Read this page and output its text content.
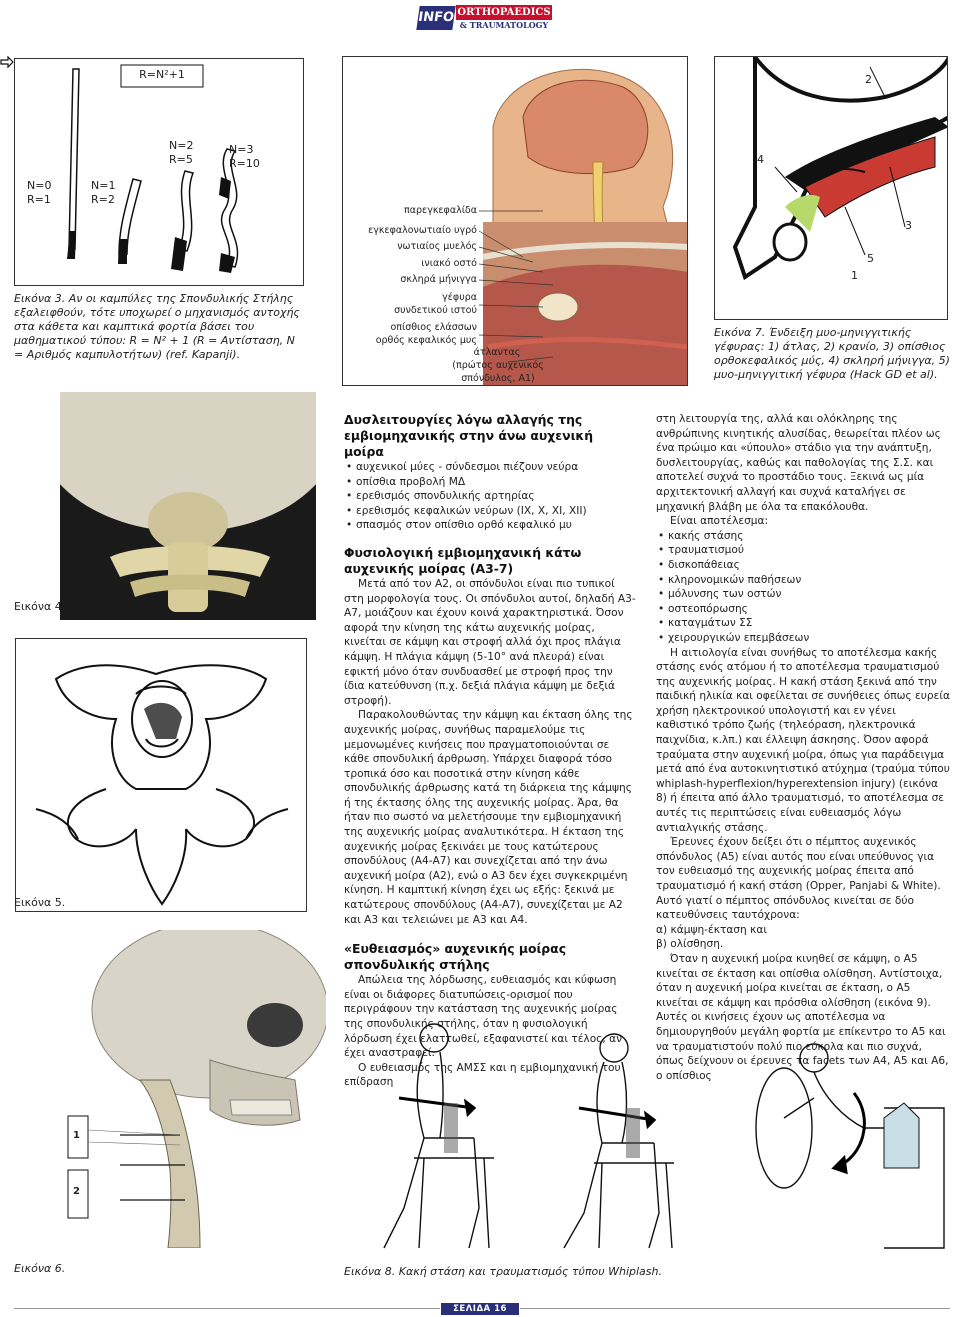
INFO ORTHOPAEDICS
& TRAUMATOLOGY
R=N²+1
N=0
R=1
N=1
R=2
N=2
R=5
N=3
R=10
Εικόνα 3. Αν οι καμπύλες της Σπονδυλικής Στήλης εξαλειφθούν, τότε υποχωρεί ο μηχανισμός αντοχής στα κάθετα και καμπτικά φορτία βάσει του μαθηματικού τύπου: R = N² + 1 (R = Αντίσταση, N = Αριθμός καμπυλοτήτων) (ref. Kapanji).
παρεγκεφαλίδα
εγκεφαλονωτιαίο υγρό
νωτιαίος μυελός
ινιακό οστό
σκληρά μήνιγγα
γέφυρα
συνδετικού ιστού
οπίσθιος ελάσσων
ορθός κεφαλικός μυς
άτλαντας
(πρώτος αυχενικός
σπόνδυλος, Α1)
2
4
3
5
1
Εικόνα 7. Ένδειξη μυο-μηνιγγιτικής γέφυρας: 1) άτλας, 2) κρανίο, 3) οπίσθιος ορθοκεφαλικός μύς, 4) σκληρή μήνιγγα, 5) μυο-μηνιγγιτική γέφυρα (Hack GD et al).
Εικόνα 4.
Εικόνα 5.
1
2
Εικόνα 6.
Δυσλειτουργίες λόγω αλλαγής της εμβιομηχανικής στην άνω αυχενική μοίρα
• αυχενικοί μύες - σύνδεσμοι πιέζουν νεύρα
• οπίσθια προβολή ΜΔ
• ερεθισμός σπονδυλικής αρτηρίας
• ερεθισμός κεφαλικών νεύρων (IX, X, XI, XII)
• σπασμός στον οπίσθιο ορθό κεφαλικό μυ
Φυσιολογική εμβιομηχανική κάτω αυχενικής μοίρας (Α3-7)

Μετά από τον Α2, οι σπόνδυλοι είναι πιο τυπικοί στη μορφολογία τους. Οι σπόνδυλοι αυτοί, δηλαδή Α3-Α7, μοιάζουν και έχουν κοινά χαρακτηριστικά. Όσον αφορά την κίνηση της κάτω αυχενικής μοίρας, κινείται σε κάμψη και στροφή αλλά όχι προς πλάγια κάμψη. Η πλάγια κάμψη (5-10° ανά πλευρά) είναι εφικτή μόνο όταν συνδυασθεί με στροφή προς την ίδια κατεύθυνση (π.χ. δεξιά πλάγια κάμψη με δεξιά στροφή).

Παρακολουθώντας την κάμψη και έκταση όλης της αυχενικής μοίρας, συνήθως παραμελούμε τις μεμονωμένες κινήσεις που πραγματοποιούνται σε κάθε σπονδυλική άρθρωση. Υπάρχει διαφορά τόσο τροπικά όσο και ποσοτικά στην κίνηση κάθε σπονδυλικής άρθρωσης κατά τη διάρκεια της κάμψης ή της έκτασης όλης της αυχενικής μοίρας. Άρα, θα ήταν πιο σωστό να μελετήσουμε την εμβιομηχανική της αυχενικής μοίρας αναλυτικότερα. Η έκταση της αυχενικής μοίρας ξεκινάει με τους κατώτερους σπονδύλους (Α4-Α7) και συνεχίζεται από την άνω αυχενική μοίρα (Α2), ενώ ο Α3 δεν έχει συγκεκριμένη κίνηση. Η καμπτική κίνηση έχει ως εξής: ξεκινά με κατώτερους σπονδύλους (Α4-Α7), συνεχίζεται με Α2 και Α3 και τελειώνει με Α3 και Α4.

«Ευθειασμός» αυχενικής μοίρας σπονδυλικής στήλης

Απώλεια της λόρδωσης, ευθειασμός και κύφωση είναι οι διάφορες διατυπώσεις-ορισμοί που περιγράφουν την κατάσταση της αυχενικής μοίρας της σπονδυλικής στήλης, όταν η φυσιολογική λόρδωση έχει ελαττωθεί, εξαφανιστεί και τέλος, αν έχει αναστραφεί.

Ο ευθειασμός της ΑΜΣΣ και η εμβιομηχανική του επίδραση

στη λειτουργία της, αλλά και ολόκληρης της ανθρώπινης κινητικής αλυσίδας, θεωρείται πλέον ως ένα πρώιμο και «ύπουλο» στάδιο για την ανάπτυξη, δυσλειτουργίας, καθώς και παθολογίας της Σ.Σ. και αποτελεί συχνά το προστάδιο τους. Ξεκινά ως μία αρχιτεκτονική αλλαγή και συχνά καταλήγει σε μηχανική βλάβη με όλα τα επακόλουθα.

Είναι αποτέλεσμα:

• κακής στάσης
• τραυματισμού
• δισκοπάθειας
• κληρονομικών παθήσεων
• μόλυνσης των οστών
• οστεοπόρωσης
• καταγμάτων ΣΣ
• χειρουργικών επεμβάσεων

Η αιτιολογία είναι συνήθως το αποτέλεσμα κακής στάσης ενός ατόμου ή το αποτέλεσμα τραυματισμού της αυχενικής μοίρας. Η κακή στάση ξεκινά από την παιδική ηλικία και οφείλεται σε συνήθειες όπως ευρεία χρήση ηλεκτρονικού υπολογιστή και εν γένει καθιστικό τρόπο ζωής (τηλεόραση, ηλεκτρονικά παιχνίδια, κ.λπ.) και έλλειψη άσκησης. Όσον αφορά τραύματα στην αυχενική μοίρα, όπως για παράδειγμα μετά από ένα αυτοκινητιστικό ατύχημα (τραύμα τύπου whiplash-hyperflexion/hyperextension injury) (εικόνα 8) ή έπειτα από άλλο τραυματισμό, το αποτέλεσμα σε αυτές τις περιπτώσεις είναι ευθειασμός λόγω αντιαλγικής στάσης.

Έρευνες έχουν δείξει ότι ο πέμπτος αυχενικός σπόνδυλος (Α5) είναι αυτός που είναι υπεύθυνος για τον ευθειασμό της αυχενικής μοίρας έπειτα από τραυματισμό ή κακή στάση (Opper, Panjabi & White). Αυτό γιατί ο πέμπτος σπόνδυλος κινείται σε δύο κατευθύνσεις ταυτόχρονα:

α) κάμψη-έκταση και

β) ολίσθηση.

Όταν η αυχενική μοίρα κινηθεί σε κάμψη, ο Α5 κινείται σε έκταση και οπίσθια ολίσθηση. Αντίστοιχα, όταν η αυχενική μοίρα κινείται σε έκταση, ο Α5 κινείται σε κάμψη και πρόσθια ολίσθηση (εικόνα 9). Αυτές οι κινήσεις έχουν ως αποτέλεσμα να δημιουργηθούν μεγάλη φορτία με επίκεντρο το Α5 και να τραυματιστούν πολύ πιο εύκολα και πιο συχνά, όπως δείχνουν οι έρευνες τα facets των Α4, Α5 και Α6, ο οπίσθιος

Εικόνα 8. Κακή στάση και τραυματισμός τύπου Whiplash.
ΣΕΛΙΔΑ 16
